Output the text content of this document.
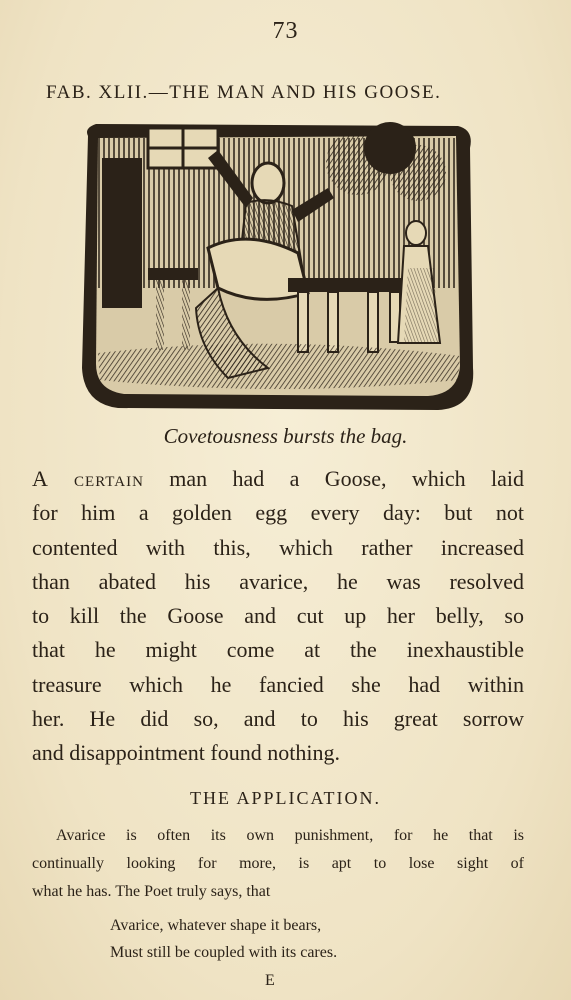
73
FAB. XLII.—THE MAN AND HIS GOOSE.
Covetousness bursts the bag.
A certain man had a Goose, which laid
for him a golden egg every day: but not
contented with this, which rather increased
than abated his avarice, he was resolved
to kill the Goose and cut up her belly, so
that he might come at the inexhaustible
treasure which he fancied she had within
her. He did so, and to his great sorrow
and disappointment found nothing.
THE APPLICATION.
Avarice is often its own punishment, for he that is
continually looking for more, is apt to lose sight of
what he has. The Poet truly says, that
Avarice, whatever shape it bears,
Must still be coupled with its cares.
E
